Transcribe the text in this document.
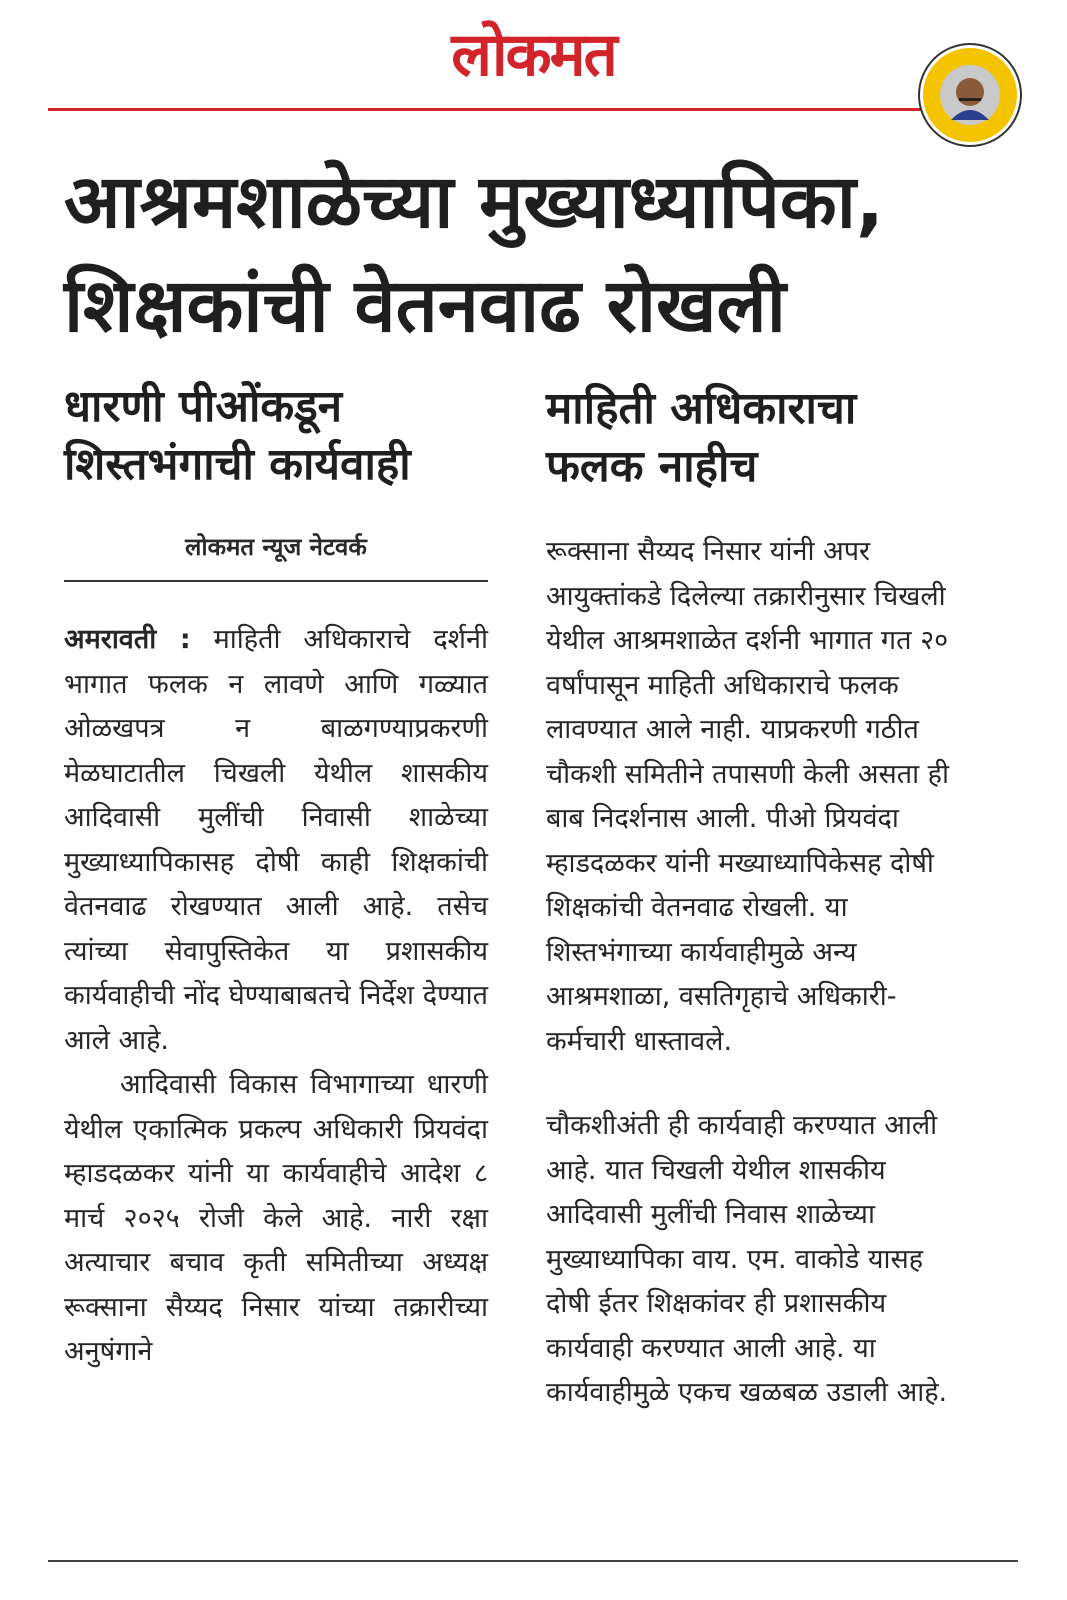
लोकमत
आश्रमशाळेच्या मुख्याध्यापिका,
शिक्षकांची वेतनवाढ रोखली
धारणी पीओंकडून
शिस्तभंगाची कार्यवाही
माहिती अधिकाराचा
फलक नाहीच
लोकमत न्यूज नेटवर्क

अमरावती : माहिती अधिकाराचे दर्शनी भागात फलक न लावणे आणि गळ्यात ओळखपत्र न बाळगण्याप्रकरणी मेळघाटातील चिखली येथील शासकीय आदिवासी मुलींची निवासी शाळेच्या मुख्याध्यापिकासह दोषी काही शिक्षकांची वेतनवाढ रोखण्यात आली आहे. तसेच त्यांच्या सेवापुस्तिकेत या प्रशासकीय कार्यवाहीची नोंद घेण्याबाबतचे निर्देश देण्यात आले आहे.

आदिवासी विकास विभागाच्या धारणी येथील एकात्मिक प्रकल्प अधिकारी प्रियवंदा म्हाडदळकर यांनी या कार्यवाहीचे आदेश ८ मार्च २०२५ रोजी केले आहे. नारी रक्षा अत्याचार बचाव कृती समितीच्या अध्यक्ष रूक्साना सैय्यद निसार यांच्या तक्रारीच्या अनुषंगाने

रूक्साना सैय्यद निसार यांनी अपर आयुक्तांकडे दिलेल्या तक्रारीनुसार चिखली येथील आश्रमशाळेत दर्शनी भागात गत २० वर्षांपासून माहिती अधिकाराचे फलक लावण्यात आले नाही. याप्रकरणी गठीत चौकशी समितीने तपासणी केली असता ही बाब निदर्शनास आली. पीओ प्रियवंदा म्हाडदळकर यांनी मख्याध्यापिकेसह दोषी शिक्षकांची वेतनवाढ रोखली. या शिस्तभंगाच्या कार्यवाहीमुळे अन्य आश्रमशाळा, वसतिगृहाचे अधिकारी-कर्मचारी धास्तावले.

चौकशीअंती ही कार्यवाही करण्यात आली आहे. यात चिखली येथील शासकीय आदिवासी मुलींची निवास शाळेच्या मुख्याध्यापिका वाय. एम. वाकोडे यासह दोषी ईतर शिक्षकांवर ही प्रशासकीय कार्यवाही करण्यात आली आहे. या कार्यवाहीमुळे एकच खळबळ उडाली आहे.
